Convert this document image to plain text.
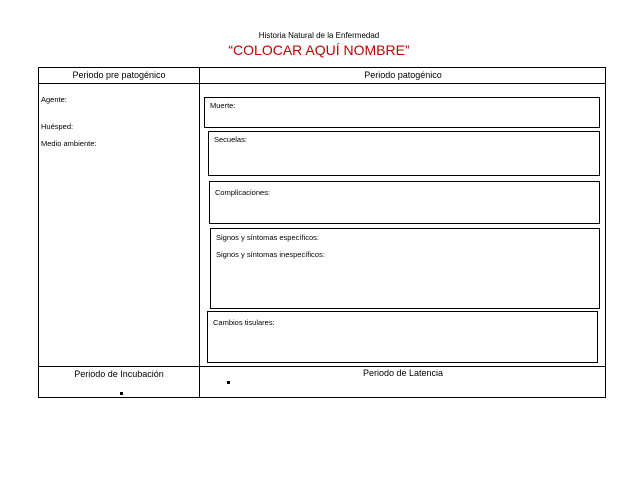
Historia Natural de la Enfermedad
“COLOCAR AQUÍ NOMBRE”
Periodo pre patogénico	Periodo patogénico
Agente:
Huésped:
Medio ambiente:
Muerte:
Secuelas:
Complicaciones:
Signos y síntomas específicos:
Signos y síntomas inespecíficos:
Cambios tisulares:
Periodo de Incubación	Periodo de Latencia
